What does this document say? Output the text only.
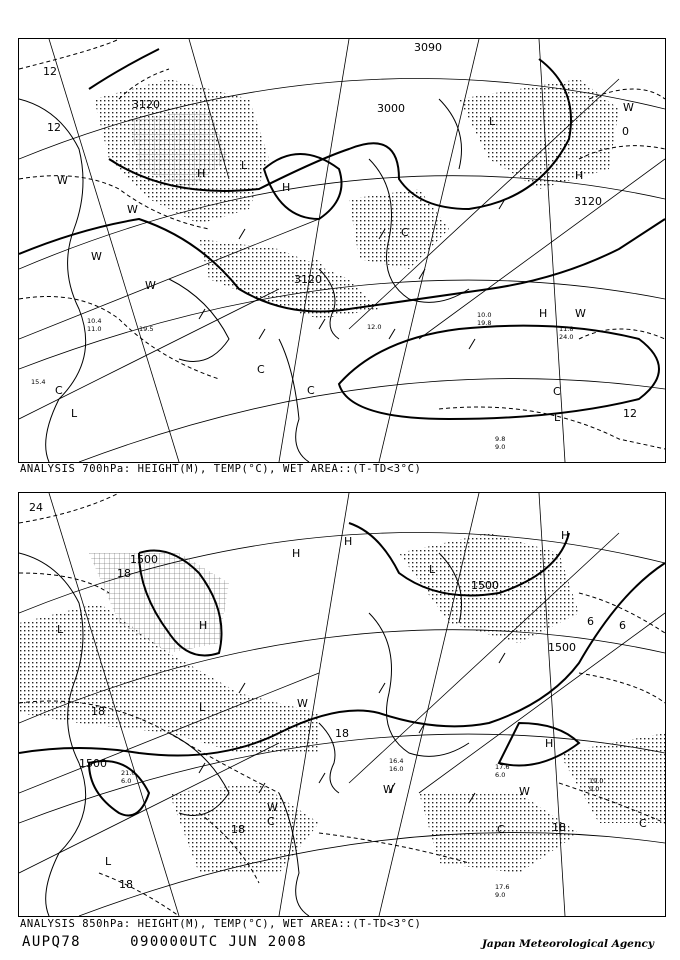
3120	3000
3090
3120
3120
12
12	0
12
H
H
L
L
L	L
C
C
C
C	C
W
W
W
W
W
W
H
H
11.8
24.0
10.0
19.8
9.8
9.0
10.4
11.0	19.5
15.4
12.0
ANALYSIS 700hPa: HEIGHT(M), TEMP(°C), WET AREA::(T-TD<3°C)
1500
1500
1500
1500
24
18
18
18
18
18
18
6 6
H
H
H
H
H
L
L
L
L
C
C	C
W
W	W
W
17.6
6.0
17.6
9.0
19.0
9.0
21.0
6.0
16.4
16.0
ANALYSIS 850hPa: HEIGHT(M), TEMP(°C), WET AREA::(T-TD<3°C)
AUPQ78	090000UTC JUN 2008	Japan Meteorological Agency
